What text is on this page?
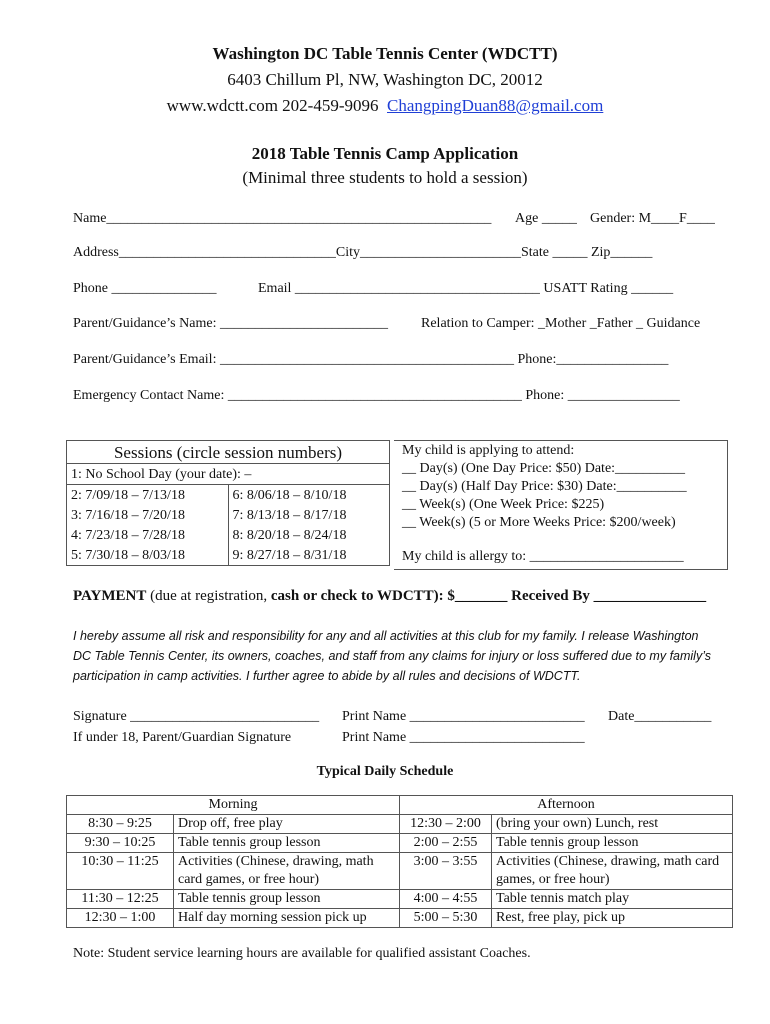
Washington DC Table Tennis Center (WDCTT)
6403 Chillum Pl, NW, Washington DC, 20012
www.wdctt.com 202-459-9096 ChangpingDuan88@gmail.com
2018 Table Tennis Camp Application
(Minimal three students to hold a session)
Name_______________________________________________________ Age _____ Gender: M____F____
Address_______________________________City_______________________State _____ Zip______
Phone _______________	Email ___________________________________ USATT Rating ______
Parent/Guidance’s Name: ________________________ Relation to Camper: _Mother _Father _ Guidance
Parent/Guidance’s Email: __________________________________________ Phone:________________
Emergency Contact Name: __________________________________________ Phone: ________________
Sessions (circle session numbers)	
1: No School Day (your date): –	
2: 7/09/18 – 7/13/18	6: 8/06/18 – 8/10/18
3: 7/16/18 – 7/20/18	7: 8/13/18 – 8/17/18
4: 7/23/18 – 7/28/18	8: 8/20/18 – 8/24/18
5: 7/30/18 – 8/03/18	9: 8/27/18 – 8/31/18
My child is applying to attend:
__ Day(s) (One Day Price: $50) Date:__________
__ Day(s) (Half Day Price: $30) Date:__________
__ Week(s) (One Week Price: $225)
__ Week(s) (5 or More Weeks Price: $200/week)
My child is allergy to: ______________________
PAYMENT (due at registration, cash or check to WDCTT): $_______ Received By _______________
I hereby assume all risk and responsibility for any and all activities at this club for my family. I release Washington
DC Table Tennis Center, its owners, coaches, and staff from any claims for injury or loss suffered due to my family’s
participation in camp activities. I further agree to abide by all rules and decisions of WDCTT.
Signature ___________________________ Print Name _________________________ Date___________
If under 18, Parent/Guardian Signature	Print Name _________________________
Typical Daily Schedule
Morning		Afternoon	
8:30 – 9:25	Drop off, free play	12:30 – 2:00	(bring your own) Lunch, rest
9:30 – 10:25	Table tennis group lesson	2:00 – 2:55	Table tennis group lesson
10:30 – 11:25	Activities (Chinese, drawing, math card games, or free hour)	3:00 – 3:55	Activities (Chinese, drawing, math card games, or free hour)
11:30 – 12:25	Table tennis group lesson	4:00 – 4:55	Table tennis match play
12:30 – 1:00	Half day morning session pick up	5:00 – 5:30	Rest, free play, pick up
Note: Student service learning hours are available for qualified assistant Coaches.
